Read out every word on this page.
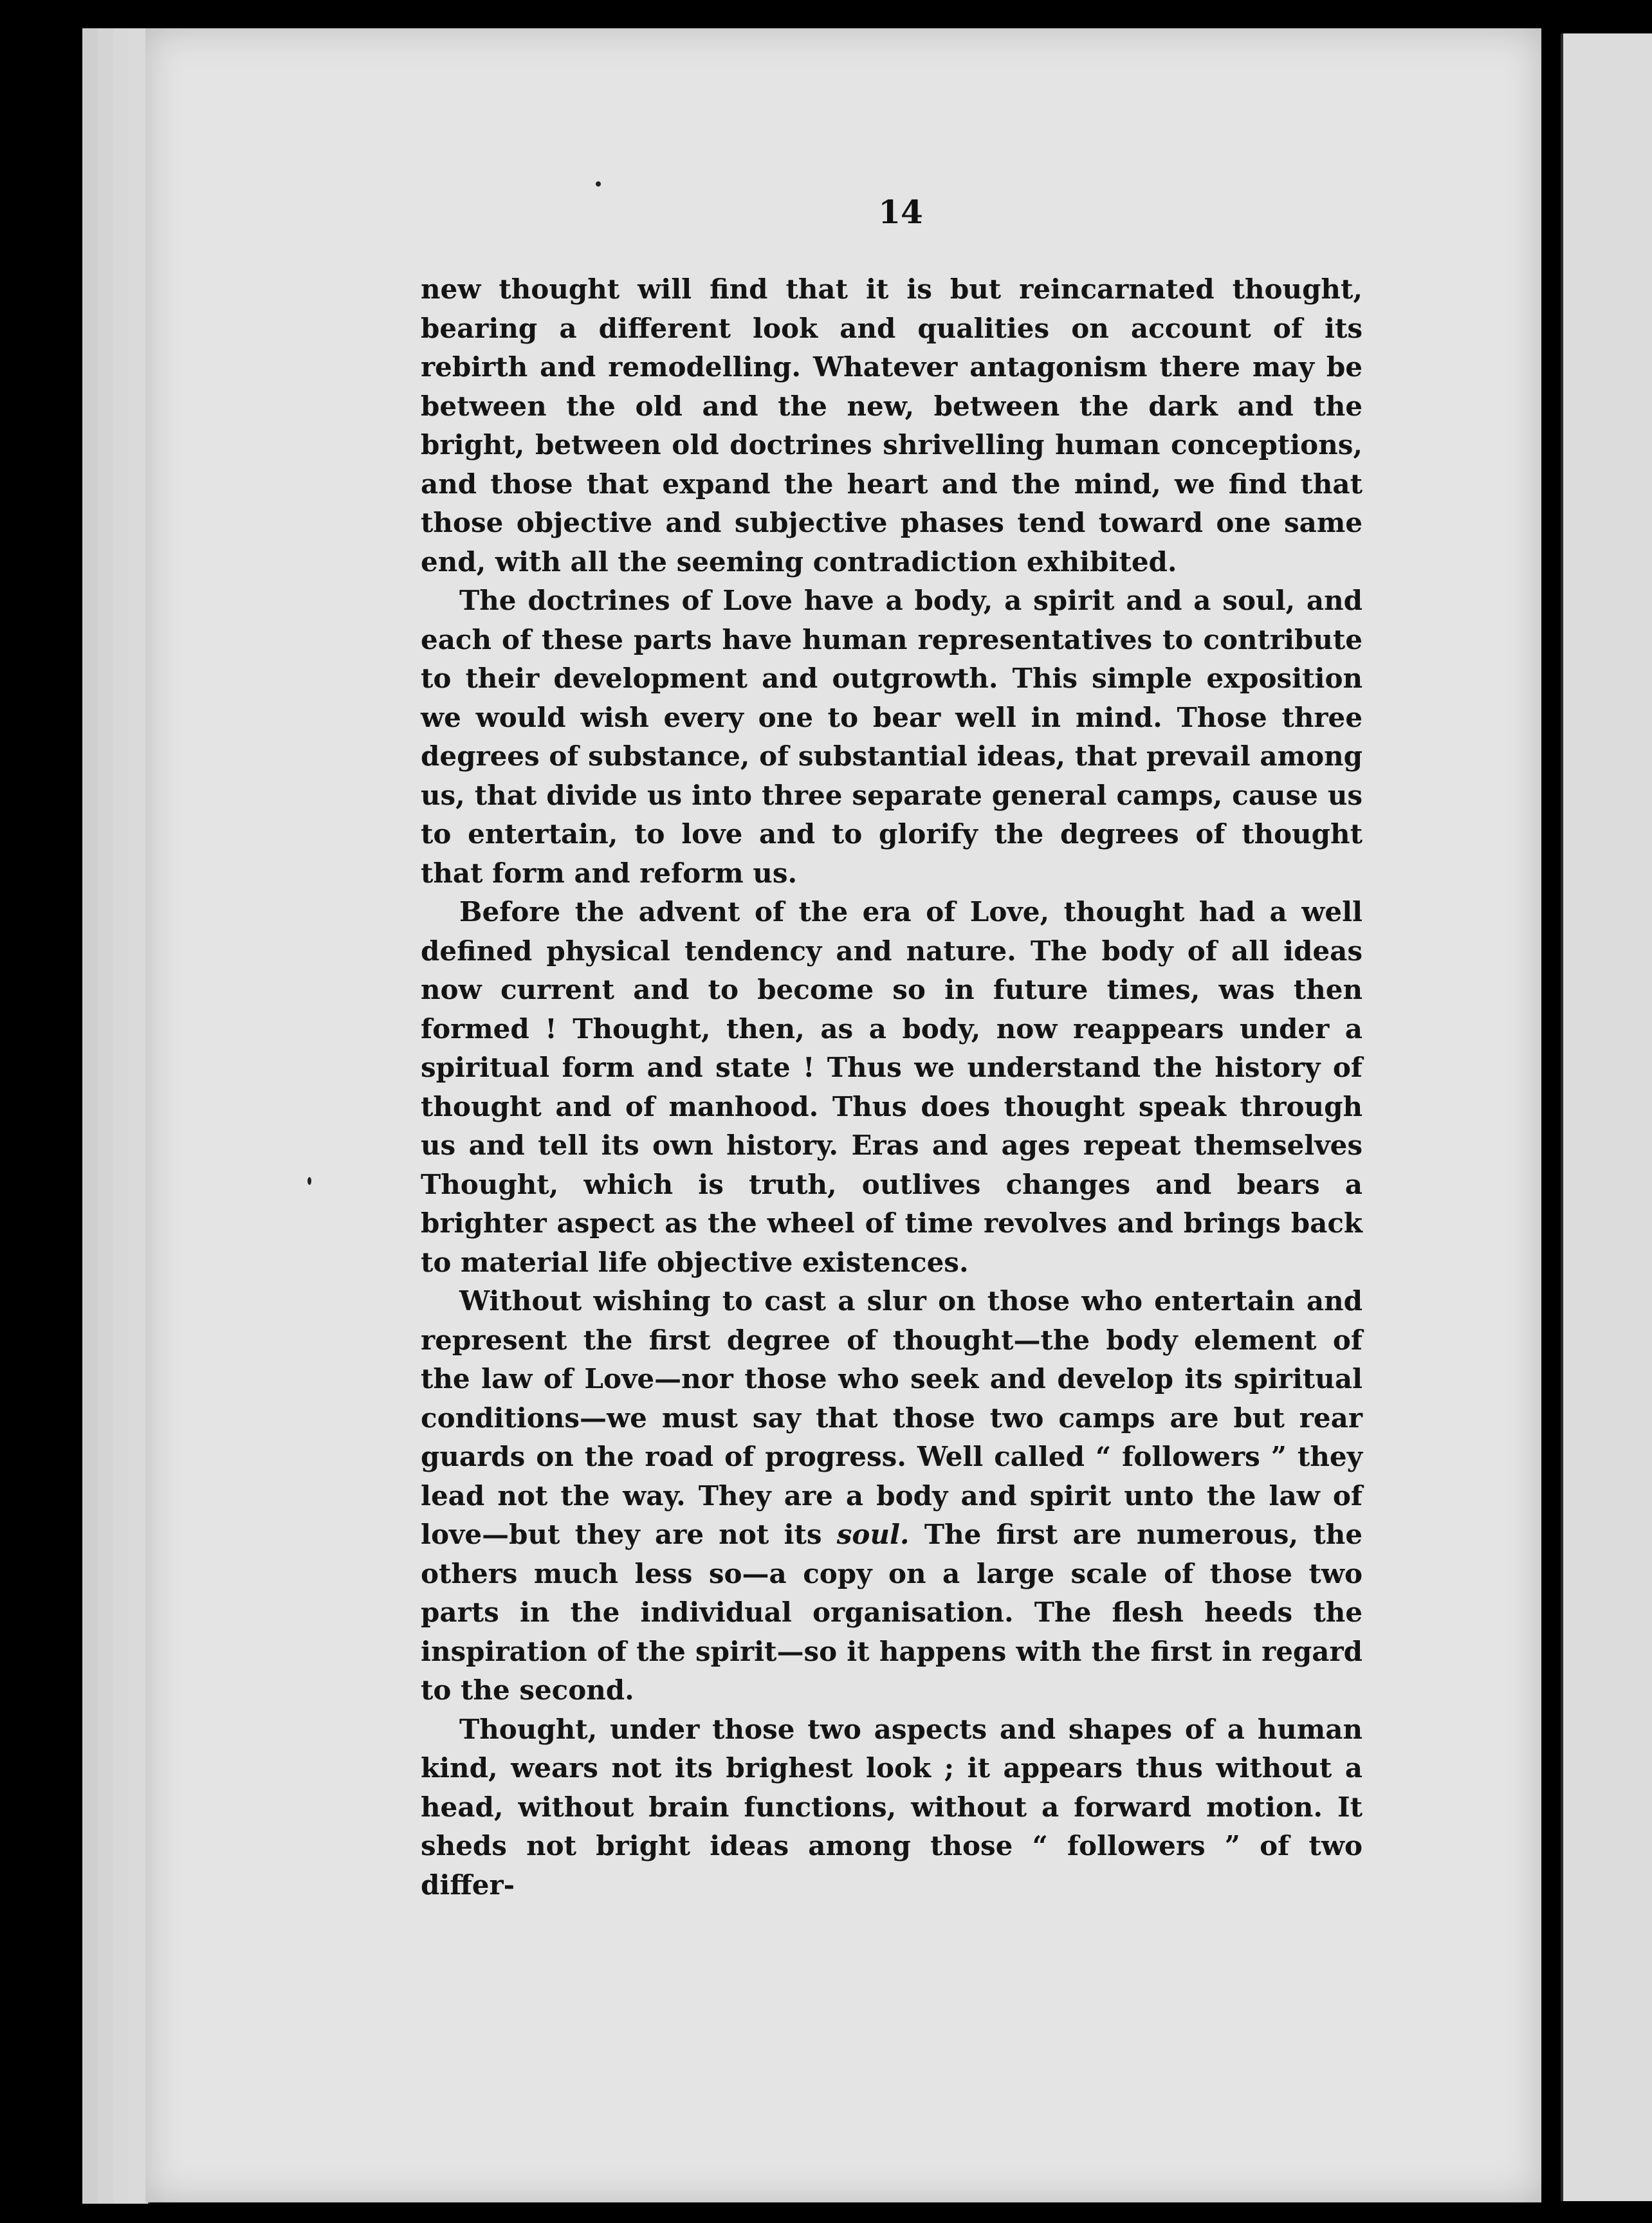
14

new thought will find that it is but reincarnated thought, bearing a different look and qualities on account of its rebirth and remodelling. Whatever antagonism there may be between the old and the new, between the dark and the bright, between old doctrines shrivelling human conceptions, and those that expand the heart and the mind, we find that those objective and subjective phases tend toward one same end, with all the seeming contradiction exhibited.

The doctrines of Love have a body, a spirit and a soul, and each of these parts have human representatives to contribute to their development and outgrowth. This simple exposition we would wish every one to bear well in mind. Those three degrees of substance, of substantial ideas, that prevail among us, that divide us into three separate general camps, cause us to entertain, to love and to glorify the degrees of thought that form and reform us.

Before the advent of the era of Love, thought had a well defined physical tendency and nature. The body of all ideas now current and to become so in future times, was then formed ! Thought, then, as a body, now reappears under a spiritual form and state ! Thus we understand the history of thought and of manhood. Thus does thought speak through us and tell its own history. Eras and ages repeat themselves Thought, which is truth, outlives changes and bears a brighter aspect as the wheel of time revolves and brings back to material life objective existences.

Without wishing to cast a slur on those who entertain and represent the first degree of thought—the body element of the law of Love—nor those who seek and develop its spiritual conditions—we must say that those two camps are but rear guards on the road of progress. Well called “ followers ” they lead not the way. They are a body and spirit unto the law of love—but they are not its soul. The first are numerous, the others much less so—a copy on a large scale of those two parts in the individual organisation. The flesh heeds the inspiration of the spirit—so it happens with the first in regard to the second.

Thought, under those two aspects and shapes of a human kind, wears not its brighest look ; it appears thus without a head, without brain functions, without a forward motion. It sheds not bright ideas among those “ followers ” of two differ-
